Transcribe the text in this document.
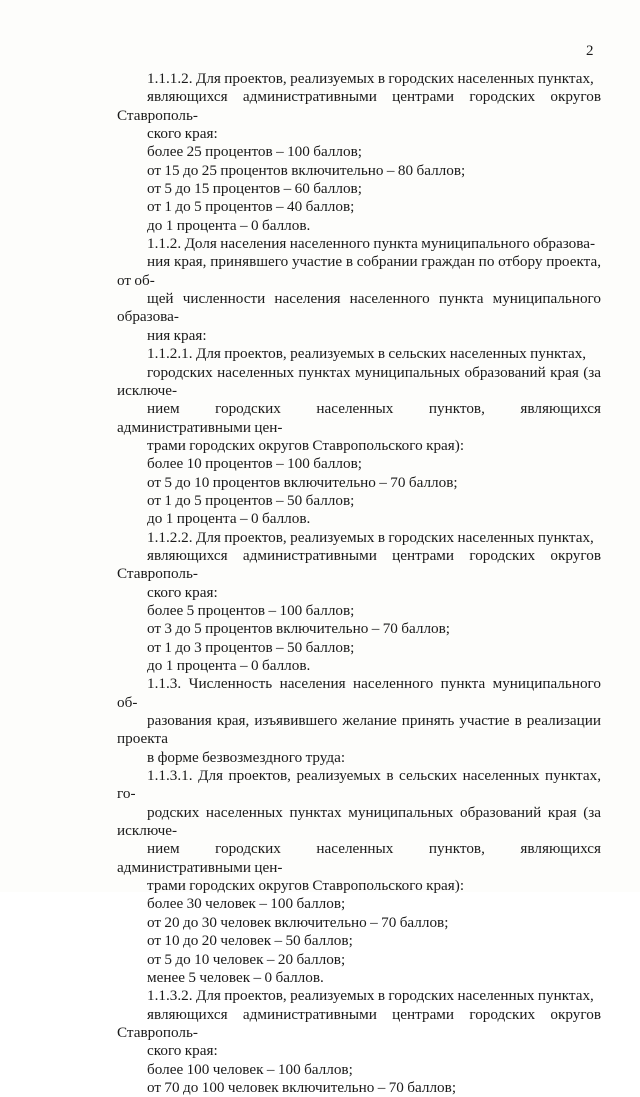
2

1.1.1.2. Для проектов, реализуемых в городских населенных пунктах,
являющихся административными центрами городских округов Ставрополь-
ского края:

более 25 процентов – 100 баллов;

от 15 до 25 процентов включительно – 80 баллов;

от 5 до 15 процентов – 60 баллов;

от 1 до 5 процентов – 40 баллов;

до 1 процента – 0 баллов.

1.1.2. Доля населения населенного пункта муниципального образова-
ния края, принявшего участие в собрании граждан по отбору проекта, от об-
щей численности населения населенного пункта муниципального образова-
ния края:

1.1.2.1. Для проектов, реализуемых в сельских населенных пунктах,
городских населенных пунктах муниципальных образований края (за исключе-
нием городских населенных пунктов, являющихся административными цен-
трами городских округов Ставропольского края):

более 10 процентов – 100 баллов;

от 5 до 10 процентов включительно – 70 баллов;

от 1 до 5 процентов – 50 баллов;

до 1 процента – 0 баллов.

1.1.2.2. Для проектов, реализуемых в городских населенных пунктах,
являющихся административными центрами городских округов Ставрополь-
ского края:

более 5 процентов – 100 баллов;

от 3 до 5 процентов включительно – 70 баллов;

от 1 до 3 процентов – 50 баллов;

до 1 процента – 0 баллов.

1.1.3. Численность населения населенного пункта муниципального об-
разования края, изъявившего желание принять участие в реализации проекта
в форме безвозмездного труда:

1.1.3.1. Для проектов, реализуемых в сельских населенных пунктах, го-
родских населенных пунктах муниципальных образований края (за исключе-
нием городских населенных пунктов, являющихся административными цен-
трами городских округов Ставропольского края):

более 30 человек – 100 баллов;

от 20 до 30 человек включительно – 70 баллов;

от 10 до 20 человек – 50 баллов;

от 5 до 10 человек – 20 баллов;

менее 5 человек – 0 баллов.

1.1.3.2. Для проектов, реализуемых в городских населенных пунктах,
являющихся административными центрами городских округов Ставрополь-
ского края:

более 100 человек – 100 баллов;

от 70 до 100 человек включительно – 70 баллов;
